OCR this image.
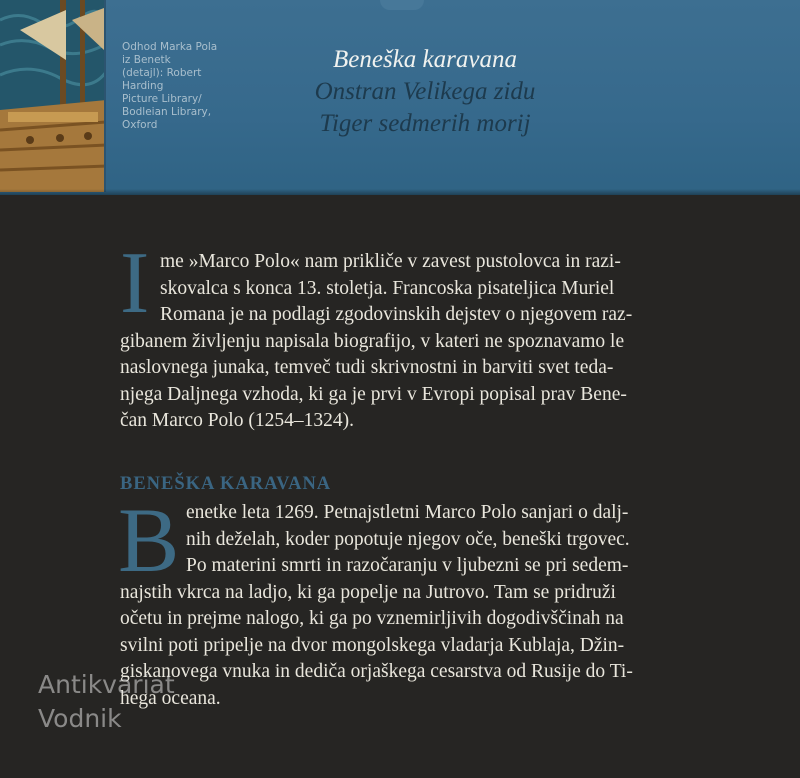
Odhod Marka Pola
iz Benetk
(detajl): Robert
Harding
Picture Library/
Bodleian Library,
Oxford
Beneška karavana
Onstran Velikega zidu
Tiger sedmerih morij
I me »Marco Polo« nam prikliče v zavest pustolovca in razi-
skovalca s konca 13. stoletja. Francoska pisateljica Muriel
Romana je na podlagi zgodovinskih dejstev o njegovem raz-
gibanem življenju napisala biografijo, v kateri ne spoznavamo le
naslovnega junaka, temveč tudi skrivnostni in barviti svet teda-
njega Daljnega vzhoda, ki ga je prvi v Evropi popisal prav Bene-
čan Marco Polo (1254–1324).
BENEŠKA KARAVANA
B enetke leta 1269. Petnajstletni Marco Polo sanjari o dalj-
nih deželah, koder popotuje njegov oče, beneški trgovec.
Po materini smrti in razočaranju v ljubezni se pri sedem-
najstih vkrca na ladjo, ki ga popelje na Jutrovo. Tam se pridruži
očetu in prejme nalogo, ki ga po vznemirljivih dogodivščinah na
svilni poti pripelje na dvor mongolskega vladarja Kublaja, Džin-
giskanovega vnuka in dediča orjaškega cesarstva od Rusije do Ti-
hega oceana.
Antikvariat
Vodnik
